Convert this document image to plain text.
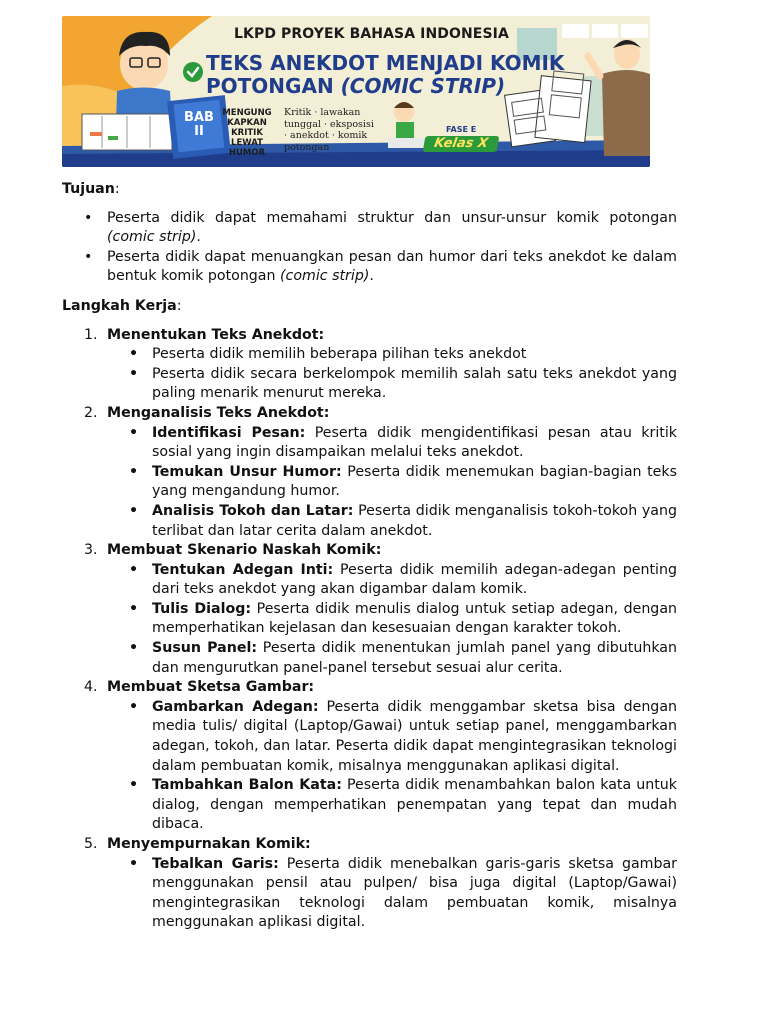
LKPD PROYEK BAHASA INDONESIA
TEKS ANEKDOT MENJADI KOMIK
POTONGAN (COMIC STRIP)
BAB II
MENGUNG KAPKAN KRITIK LEWAT HUMOR
Kritik · lawakan tunggal · eksposisi · anekdot · komik potongan
FASE E
Kelas X

Tujuan:

• Peserta didik dapat memahami struktur dan unsur-unsur komik potongan (comic strip).
• Peserta didik dapat menuangkan pesan dan humor dari teks anekdot ke dalam bentuk komik potongan (comic strip).

Langkah Kerja:

1. Menentukan Teks Anekdot:
• Peserta didik memilih beberapa pilihan teks anekdot
• Peserta didik secara berkelompok memilih salah satu teks anekdot yang paling menarik menurut mereka.
2. Menganalisis Teks Anekdot:
• Identifikasi Pesan: Peserta didik mengidentifikasi pesan atau kritik sosial yang ingin disampaikan melalui teks anekdot.
• Temukan Unsur Humor: Peserta didik menemukan bagian-bagian teks yang mengandung humor.
• Analisis Tokoh dan Latar: Peserta didik menganalisis tokoh-tokoh yang terlibat dan latar cerita dalam anekdot.
3. Membuat Skenario Naskah Komik:
• Tentukan Adegan Inti: Peserta didik memilih adegan-adegan penting dari teks anekdot yang akan digambar dalam komik.
• Tulis Dialog: Peserta didik menulis dialog untuk setiap adegan, dengan memperhatikan kejelasan dan kesesuaian dengan karakter tokoh.
• Susun Panel: Peserta didik menentukan jumlah panel yang dibutuhkan dan mengurutkan panel-panel tersebut sesuai alur cerita.
4. Membuat Sketsa Gambar:
• Gambarkan Adegan: Peserta didik menggambar sketsa bisa dengan media tulis/ digital (Laptop/Gawai) untuk setiap panel, menggambarkan adegan, tokoh, dan latar. Peserta didik dapat mengintegrasikan teknologi dalam pembuatan komik, misalnya menggunakan aplikasi digital.
• Tambahkan Balon Kata: Peserta didik menambahkan balon kata untuk dialog, dengan memperhatikan penempatan yang tepat dan mudah dibaca.
5. Menyempurnakan Komik:
• Tebalkan Garis: Peserta didik menebalkan garis-garis sketsa gambar menggunakan pensil atau pulpen/ bisa juga digital (Laptop/Gawai) mengintegrasikan teknologi dalam pembuatan komik, misalnya menggunakan aplikasi digital.
